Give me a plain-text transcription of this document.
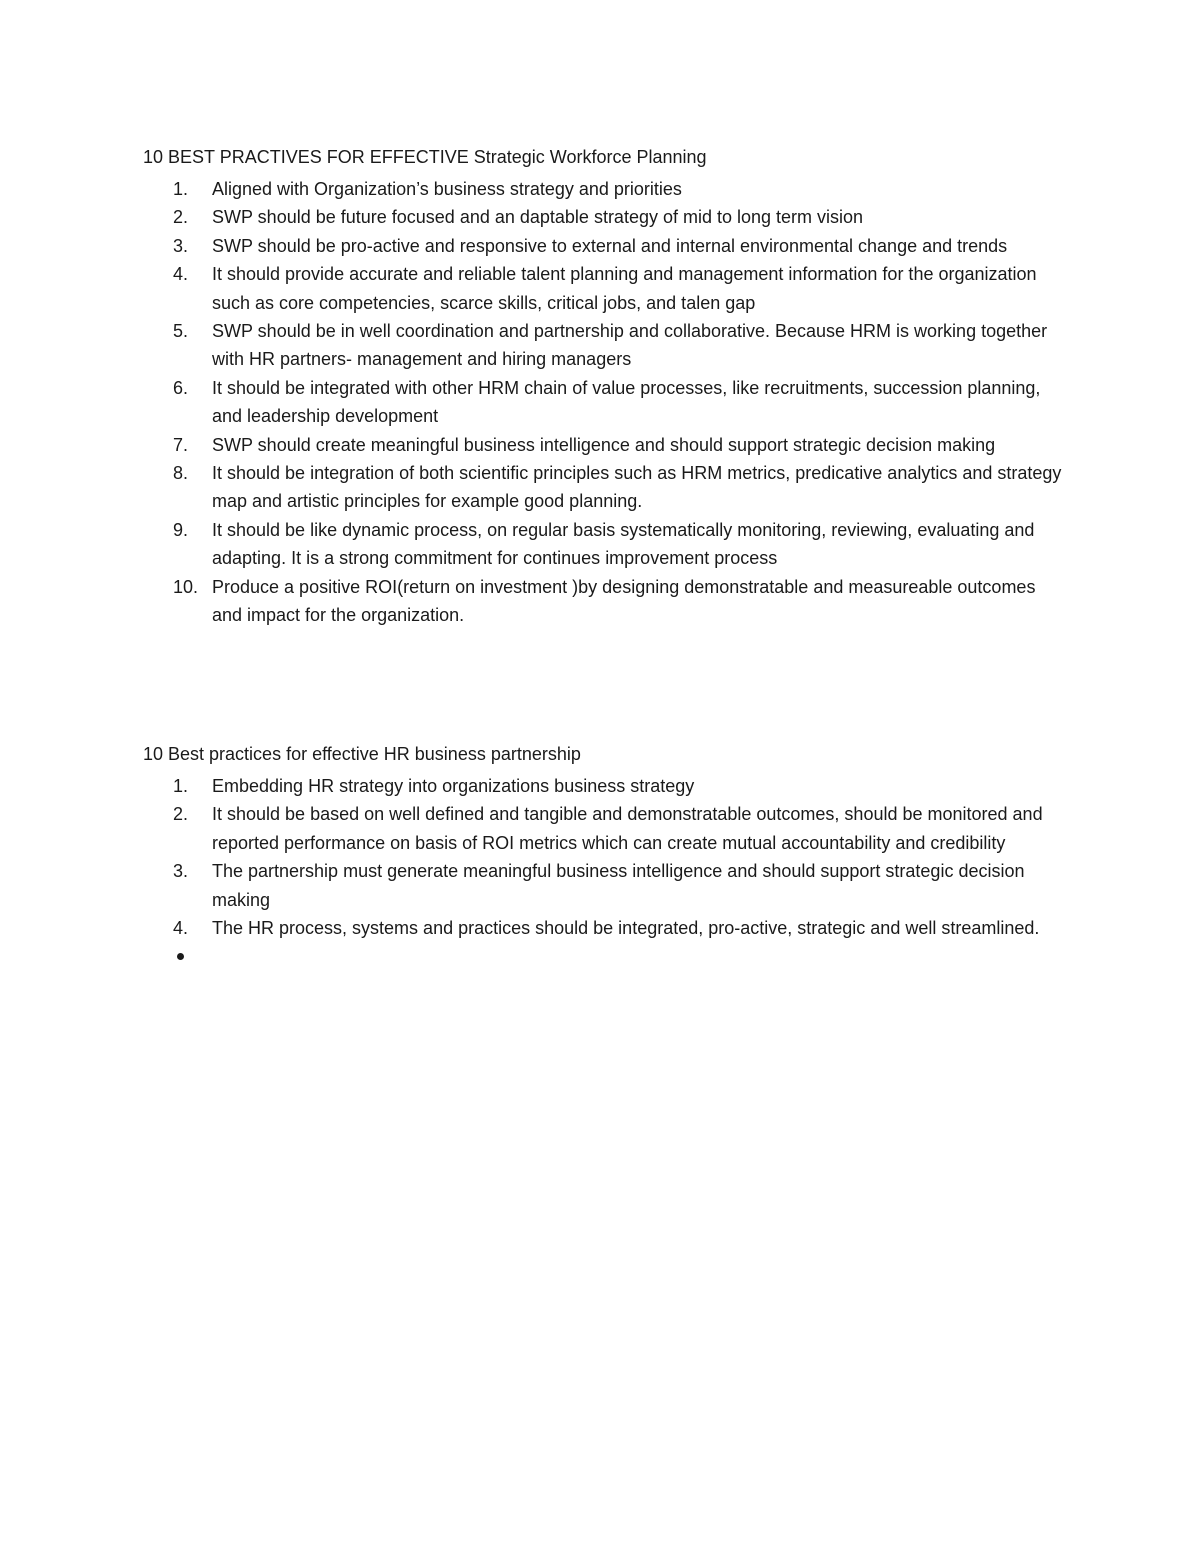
10 BEST PRACTIVES FOR EFFECTIVE Strategic Workforce Planning
1.	Aligned with Organization’s business strategy and priorities
2.	SWP should be future focused and an daptable strategy of mid to long term vision
3.	SWP should be pro-active and responsive to external and internal environmental change and trends
4.	It should provide accurate and reliable talent planning and management information for the organization such as core competencies, scarce skills, critical jobs, and talen gap
5.	SWP should be in well coordination and partnership and collaborative. Because HRM is working together with HR partners- management and hiring managers
6.	It should be integrated with other HRM chain of value processes, like recruitments, succession planning, and leadership development
7.	SWP should create meaningful business intelligence and should support strategic decision making
8.	It should be integration of both scientific principles such as HRM metrics, predicative analytics and strategy map and artistic principles for example good planning.
9.	It should be like dynamic process, on regular basis systematically monitoring, reviewing, evaluating and adapting. It is a strong commitment for continues improvement process
10. Produce a positive ROI(return on investment )by designing demonstratable and measureable outcomes and impact for the organization.
10 Best practices for effective HR business partnership
1.	Embedding HR strategy into organizations business strategy
2.	It should be based on well defined and tangible and demonstratable outcomes, should be monitored and reported performance on basis of ROI metrics which can create mutual accountability and credibility
3.	The partnership must generate meaningful business intelligence and should support strategic decision making
4.	The HR process, systems and practices should be integrated, pro-active, strategic and well streamlined.
